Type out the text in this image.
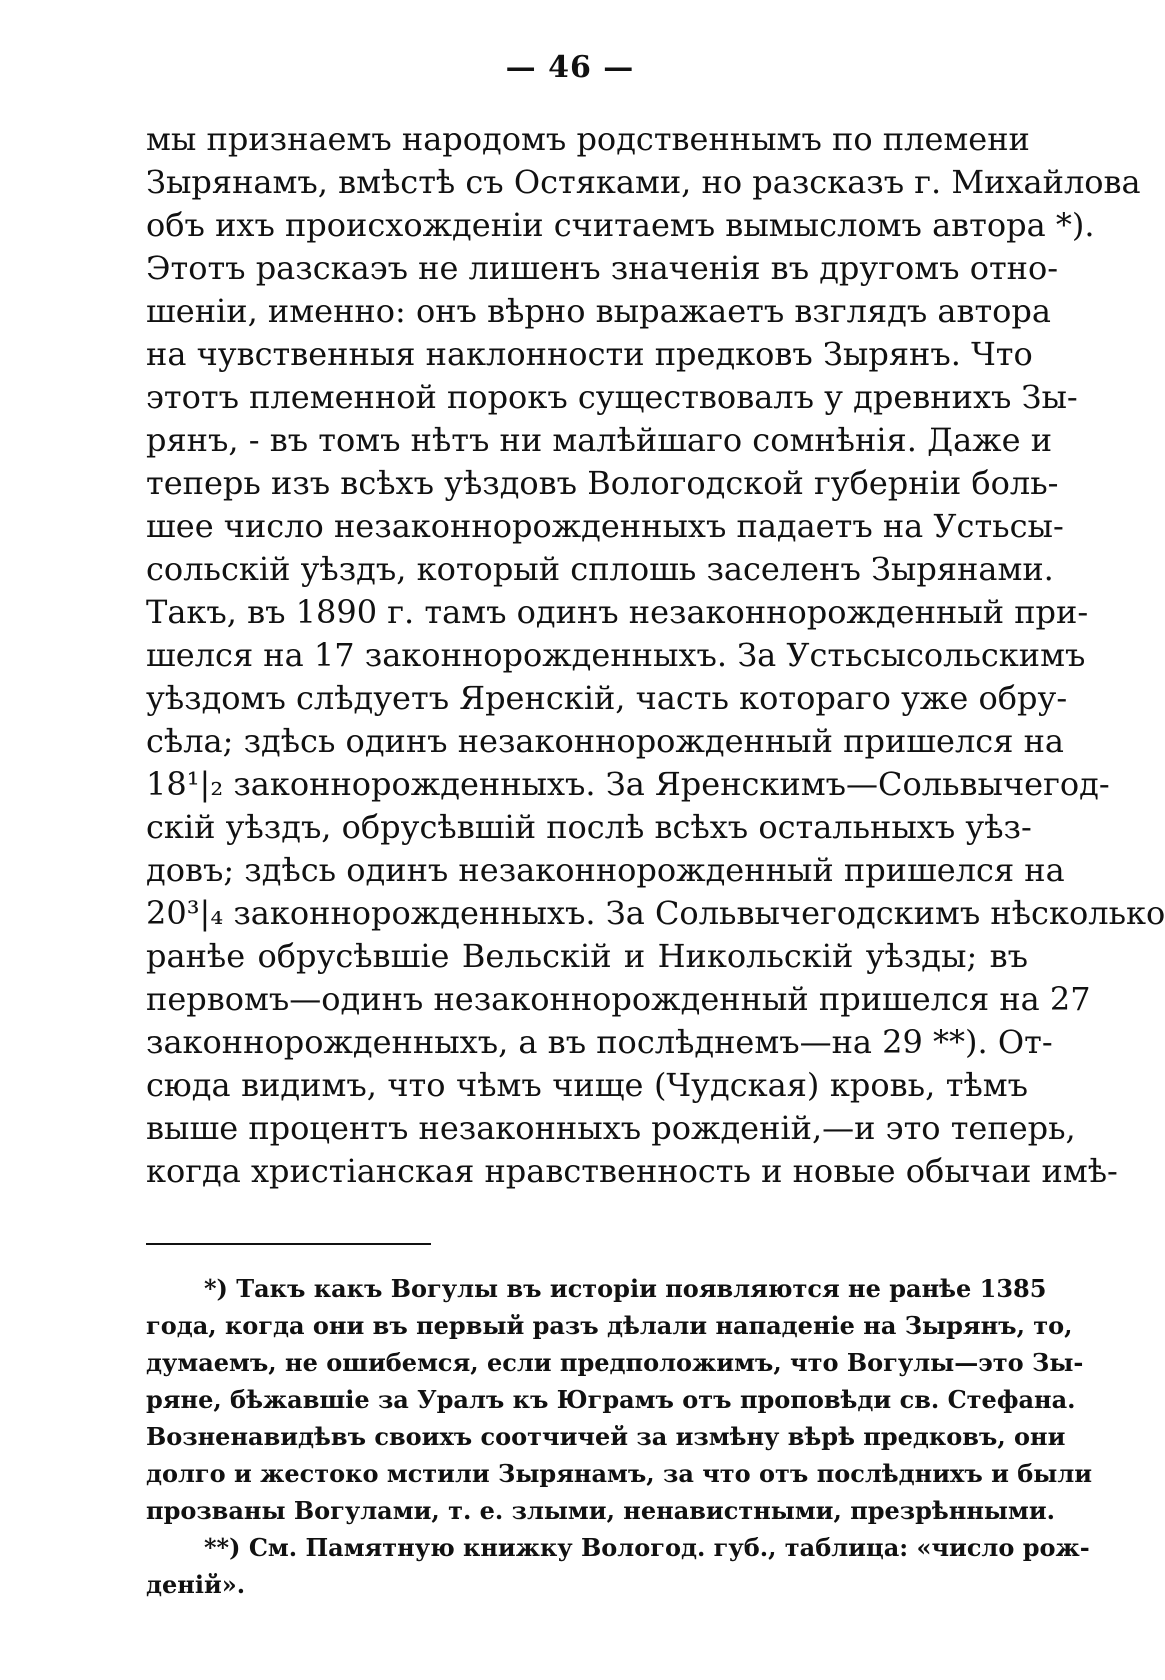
— 46 —
мы признаемъ народомъ родственнымъ по племени
Зырянамъ, вмѣстѣ съ Остяками, но разсказъ г. Михайлова
объ ихъ происхожденіи считаемъ вымысломъ автора *).
Этотъ разскаэъ не лишенъ значенія въ другомъ отно-
шеніи, именно: онъ вѣрно выражаетъ взглядъ автора
на чувственныя наклонности предковъ Зырянъ. Что
этотъ племенной порокъ существовалъ у древнихъ Зы-
рянъ, - въ томъ нѣтъ ни малѣйшаго сомнѣнія. Даже и
теперь изъ всѣхъ уѣздовъ Вологодской губерніи боль-
шее число незаконнорожденныхъ падаетъ на Устьсы-
сольскій уѣздъ, который сплошь заселенъ Зырянами.
Такъ, въ 1890 г. тамъ одинъ незаконнорожденный при-
шелся на 17 законнорожденныхъ. За Устьсысольскимъ
уѣздомъ слѣдуетъ Яренскій, часть котораго уже обру-
сѣла; здѣсь одинъ незаконнорожденный пришелся на
18¹|₂ законнорожденныхъ. За Яренскимъ—Сольвычегод-
скій уѣздъ, обрусѣвшій послѣ всѣхъ остальныхъ уѣз-
довъ; здѣсь одинъ незаконнорожденный пришелся на
20³|₄ законнорожденныхъ. За Сольвычегодскимъ нѣсколько
ранѣе обрусѣвшіе Вельскій и Никольскій уѣзды; въ
первомъ—одинъ незаконнорожденный пришелся на 27
законнорожденныхъ, а въ послѣднемъ—на 29 **). От-
сюда видимъ, что чѣмъ чище (Чудская) кровь, тѣмъ
выше процентъ незаконныхъ рожденій,—и это теперь,
когда христіанская нравственность и новые обычаи имѣ-
*) Такъ какъ Вогулы въ исторіи появляются не ранѣе 1385
года, когда они въ первый разъ дѣлали нападеніе на Зырянъ, то,
думаемъ, не ошибемся, если предположимъ, что Вогулы—это Зы-
ряне, бѣжавшіе за Уралъ къ Юграмъ отъ проповѣди св. Стефана.
Возненавидѣвъ своихъ соотчичей за измѣну вѣрѣ предковъ, они
долго и жестоко мстили Зырянамъ, за что отъ послѣднихъ и были
прозваны Вогулами, т. е. злыми, ненавистными, презрѣнными.
**) См. Памятную книжку Вологод. губ., таблица: «число рож-
деній».
